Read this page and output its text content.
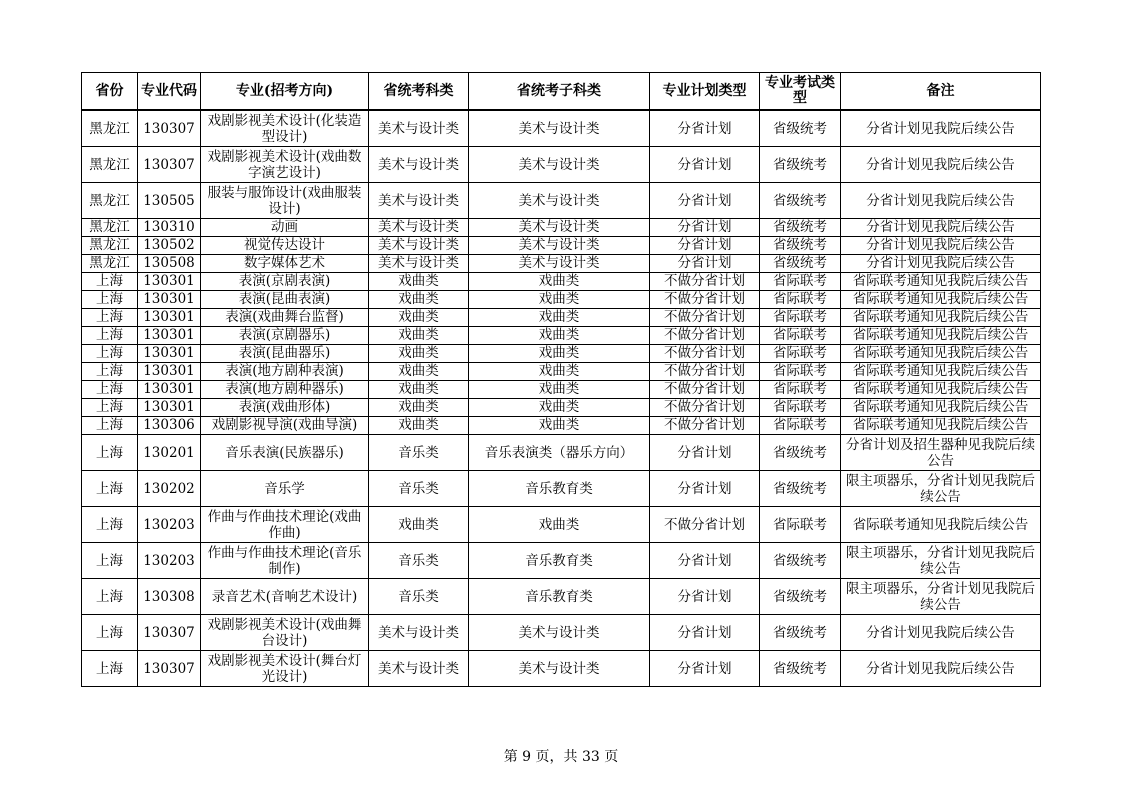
省份	专业代码	专业(招考方向)	省统考科类	省统考子科类	专业计划类型	专业考试类型	备注
黑龙江	130307	戏剧影视美术设计(化装造型设计)	美术与设计类	美术与设计类	分省计划	省级统考	分省计划见我院后续公告
黑龙江	130307	戏剧影视美术设计(戏曲数字演艺设计)	美术与设计类	美术与设计类	分省计划	省级统考	分省计划见我院后续公告
黑龙江	130505	服装与服饰设计(戏曲服装设计)	美术与设计类	美术与设计类	分省计划	省级统考	分省计划见我院后续公告
黑龙江	130310	动画	美术与设计类	美术与设计类	分省计划	省级统考	分省计划见我院后续公告
黑龙江	130502	视觉传达设计	美术与设计类	美术与设计类	分省计划	省级统考	分省计划见我院后续公告
黑龙江	130508	数字媒体艺术	美术与设计类	美术与设计类	分省计划	省级统考	分省计划见我院后续公告
上海	130301	表演(京剧表演)	戏曲类	戏曲类	不做分省计划	省际联考	省际联考通知见我院后续公告
上海	130301	表演(昆曲表演)	戏曲类	戏曲类	不做分省计划	省际联考	省际联考通知见我院后续公告
上海	130301	表演(戏曲舞台监督)	戏曲类	戏曲类	不做分省计划	省际联考	省际联考通知见我院后续公告
上海	130301	表演(京剧器乐)	戏曲类	戏曲类	不做分省计划	省际联考	省际联考通知见我院后续公告
上海	130301	表演(昆曲器乐)	戏曲类	戏曲类	不做分省计划	省际联考	省际联考通知见我院后续公告
上海	130301	表演(地方剧种表演)	戏曲类	戏曲类	不做分省计划	省际联考	省际联考通知见我院后续公告
上海	130301	表演(地方剧种器乐)	戏曲类	戏曲类	不做分省计划	省际联考	省际联考通知见我院后续公告
上海	130301	表演(戏曲形体)	戏曲类	戏曲类	不做分省计划	省际联考	省际联考通知见我院后续公告
上海	130306	戏剧影视导演(戏曲导演)	戏曲类	戏曲类	不做分省计划	省际联考	省际联考通知见我院后续公告
上海	130201	音乐表演(民族器乐)	音乐类	音乐表演类（器乐方向）	分省计划	省级统考	分省计划及招生器种见我院后续公告
上海	130202	音乐学	音乐类	音乐教育类	分省计划	省级统考	限主项器乐，分省计划见我院后续公告
上海	130203	作曲与作曲技术理论(戏曲作曲)	戏曲类	戏曲类	不做分省计划	省际联考	省际联考通知见我院后续公告
上海	130203	作曲与作曲技术理论(音乐制作)	音乐类	音乐教育类	分省计划	省级统考	限主项器乐，分省计划见我院后续公告
上海	130308	录音艺术(音响艺术设计)	音乐类	音乐教育类	分省计划	省级统考	限主项器乐，分省计划见我院后续公告
上海	130307	戏剧影视美术设计(戏曲舞台设计)	美术与设计类	美术与设计类	分省计划	省级统考	分省计划见我院后续公告
上海	130307	戏剧影视美术设计(舞台灯光设计)	美术与设计类	美术与设计类	分省计划	省级统考	分省计划见我院后续公告
第 9 页，共 33 页
